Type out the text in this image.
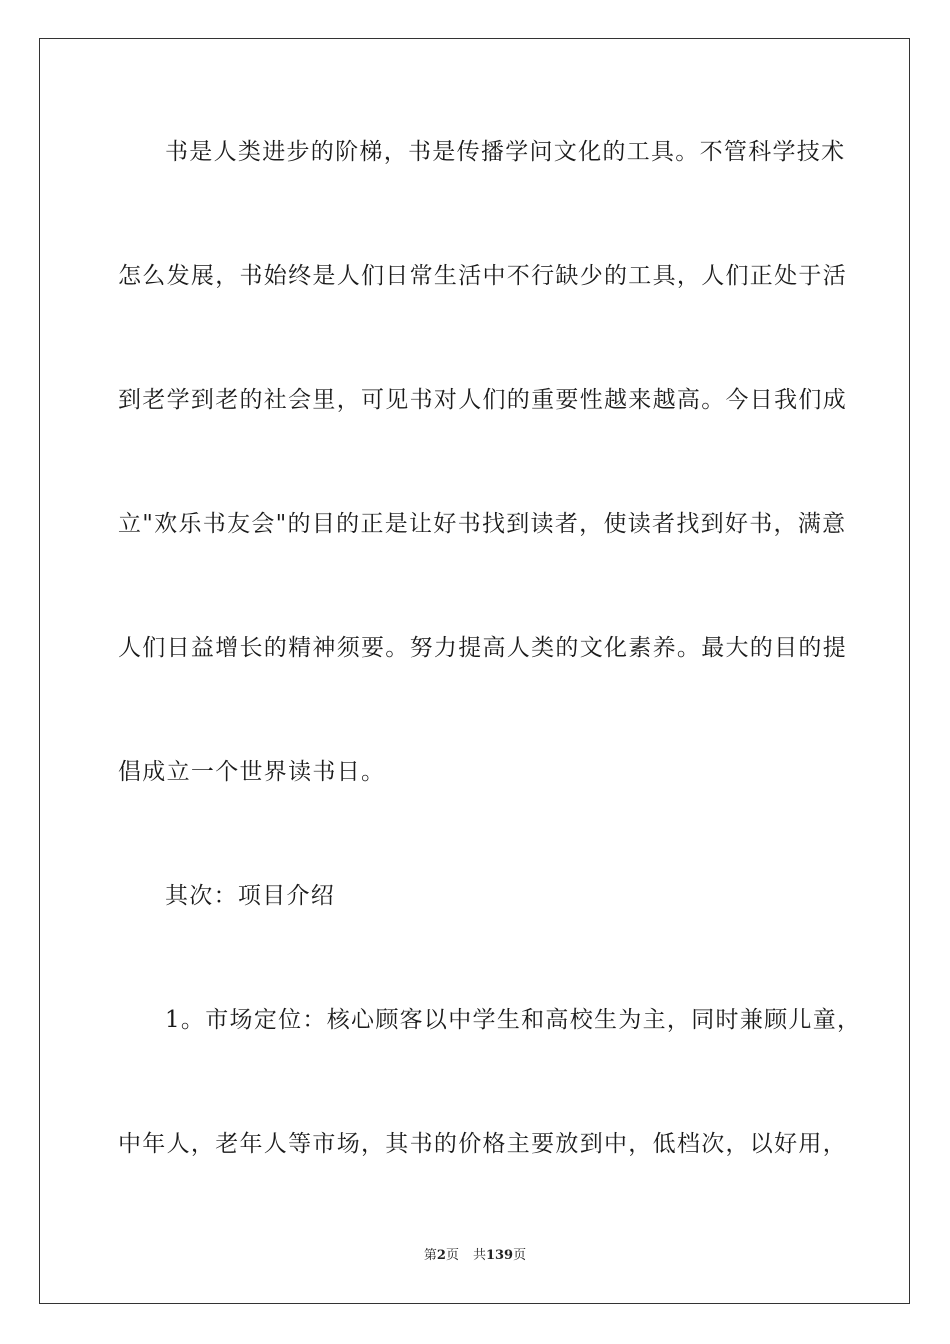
书是人类进步的阶梯，书是传播学问文化的工具。不管科学技术
怎么发展，书始终是人们日常生活中不行缺少的工具，人们正处于活
到老学到老的社会里，可见书对人们的重要性越来越高。今日我们成
立"欢乐书友会"的目的正是让好书找到读者，使读者找到好书，满意
人们日益增长的精神须要。努力提高人类的文化素养。最大的目的提
倡成立一个世界读书日。
其次：项目介绍
1。市场定位：核心顾客以中学生和高校生为主，同时兼顾儿童，
中年人，老年人等市场，其书的价格主要放到中，低档次，以好用，
第2页 共139页
